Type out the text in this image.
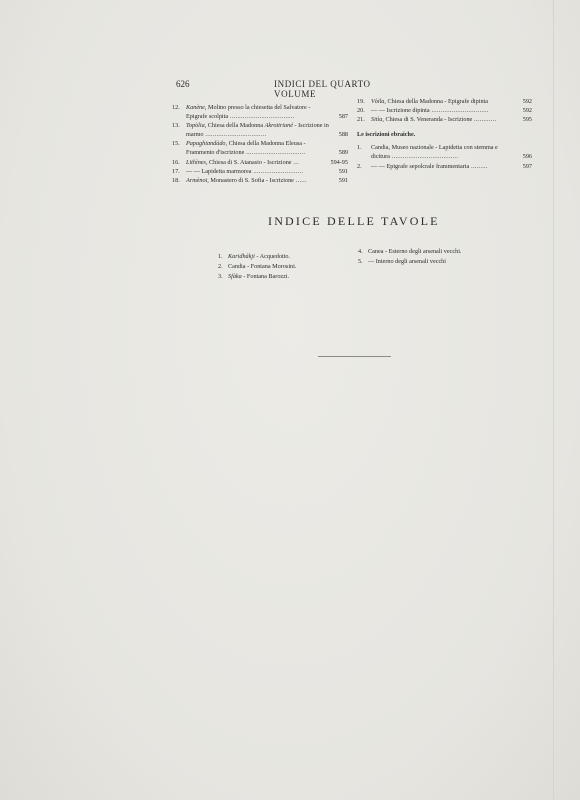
626	INDICI DEL QUARTO VOLUME
12. Kanène, Molino presso la chiesetta del Salvatore - Epigrafe scolpita ...................................	587
13. Topòlia, Chiesa della Madonna Akrotiriané - Iscrizione in marmo .................................	588
15. Papaghiandàdo, Chiesa della Madonna Eleusa - Frammento d'iscrizione ................................	589
16. Lithìnes, Chiesa di S. Atanasio - Iscrizione ...	594-95
17. — — Lapidetta marmorea ...........................	591
18. Armènoi, Monastero di S. Sofia - Iscrizione ......	591
19. Vòila, Chiesa della Madonna - Epigrafe dipinta	592
20. — — Iscrizione dipinta ...............................	592
21. Sitìa, Chiesa di S. Veneranda - Iscrizione ............	595
Le iscrizioni ebraiche.
1. Candia, Museo nazionale - Lapidetta con stemma e dicitura ....................................	596
2. — — Epigrafe sepolcrale frammentaria .........	597
INDICE DELLE TAVOLE
1. Karidhàkji - Acquedotto.
2. Candia - Fontana Morosini.
3. Sfàka - Fontana Barozzi.
4. Canea - Esterno degli arsenali vecchi.
5. — Interno degli arsenali vecchi
